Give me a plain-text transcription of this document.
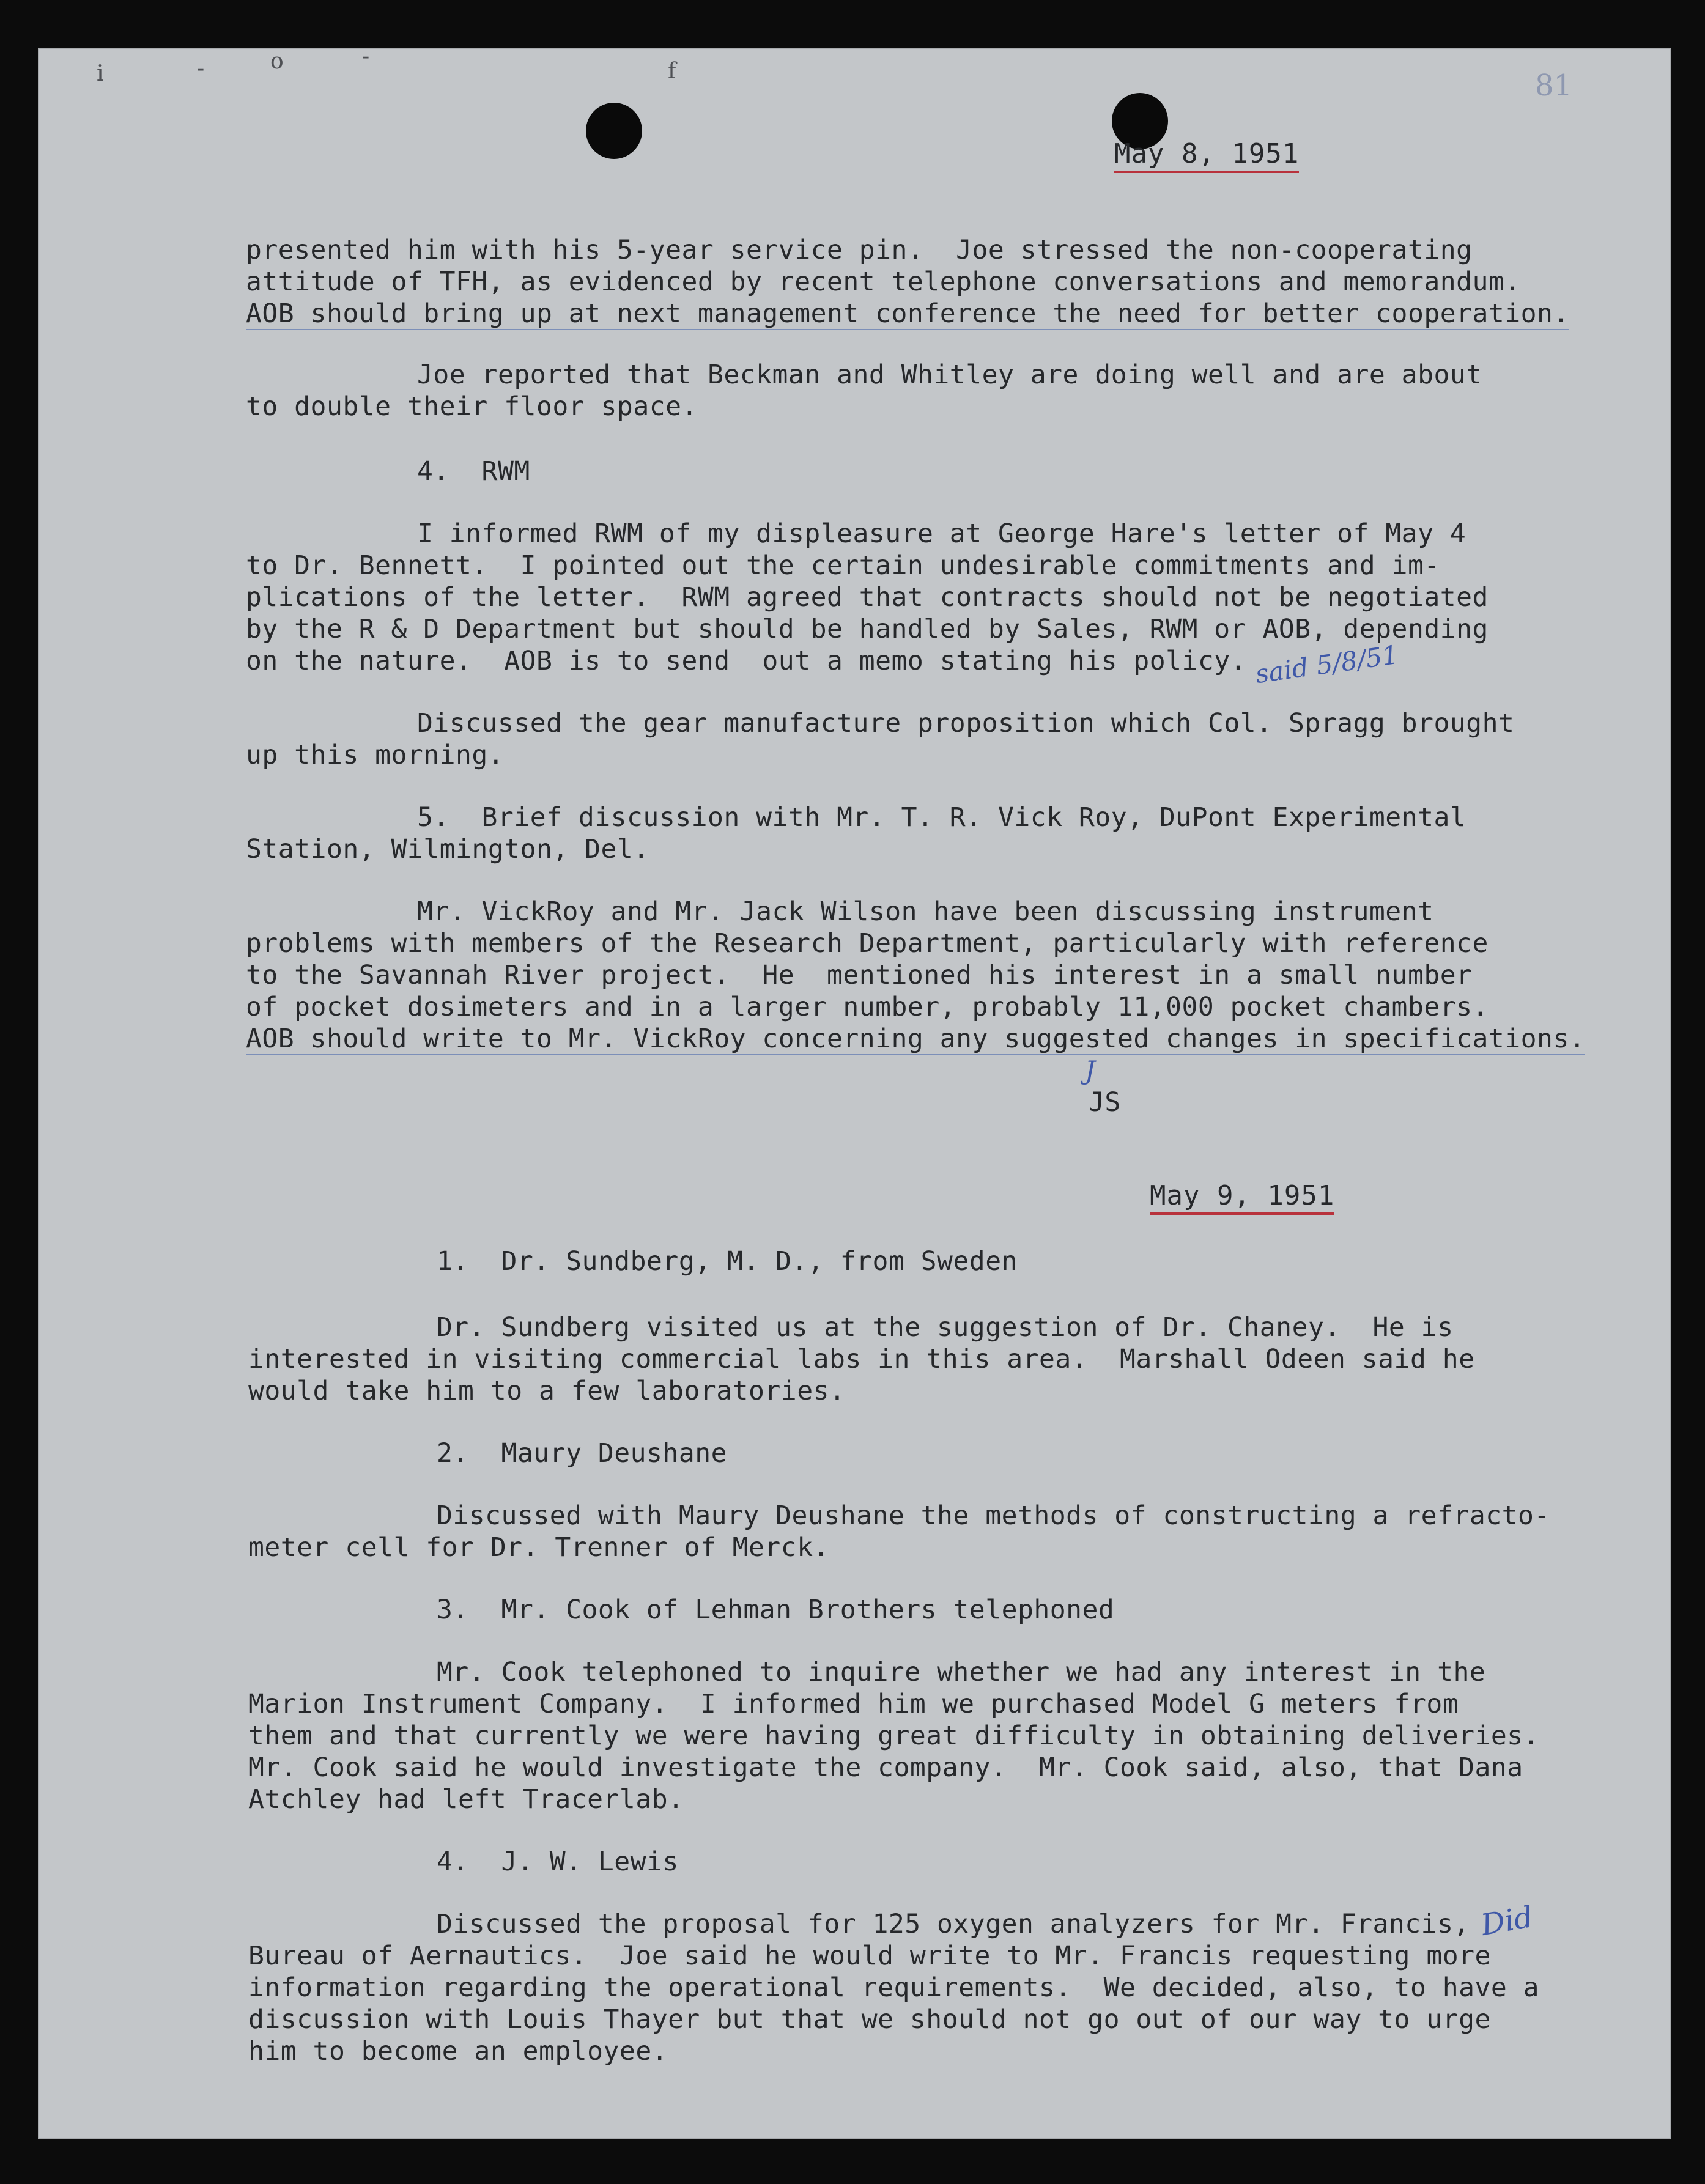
ⅰ	-	o	-
f	81
May 8, 1951
presented him with his 5-year service pin.  Joe stressed the non-cooperating
attitude of TFH, as evidenced by recent telephone conversations and memorandum.
AOB should bring up at next management conference the need for better cooperation.
Joe reported that Beckman and Whitley are doing well and are about
to double their floor space.
4.  RWM
I informed RWM of my displeasure at George Hare's letter of May 4
to Dr. Bennett.  I pointed out the certain undesirable commitments and im-
plications of the letter.  RWM agreed that contracts should not be negotiated
by the R & D Department but should be handled by Sales, RWM or AOB, depending
on the nature.  AOB is to send  out a memo stating his policy. said 5/8/51
Discussed the gear manufacture proposition which Col. Spragg brought
up this morning.
5.  Brief discussion with Mr. T. R. Vick Roy, DuPont Experimental
Station, Wilmington, Del.
Mr. VickRoy and Mr. Jack Wilson have been discussing instrument
problems with members of the Research Department, particularly with reference
to the Savannah River project.  He  mentioned his interest in a small number
of pocket dosimeters and in a larger number, probably 11,000 pocket chambers.
AOB should write to Mr. VickRoy concerning any suggested changes in specifications.
J
JS
May 9, 1951
1.  Dr. Sundberg, M. D., from Sweden
Dr. Sundberg visited us at the suggestion of Dr. Chaney.  He is
interested in visiting commercial labs in this area.  Marshall Odeen said he
would take him to a few laboratories.
2.  Maury Deushane
Discussed with Maury Deushane the methods of constructing a refracto-
meter cell for Dr. Trenner of Merck.
3.  Mr. Cook of Lehman Brothers telephoned
Mr. Cook telephoned to inquire whether we had any interest in the
Marion Instrument Company.  I informed him we purchased Model G meters from
them and that currently we were having great difficulty in obtaining deliveries.
Mr. Cook said he would investigate the company.  Mr. Cook said, also, that Dana
Atchley had left Tracerlab.
4.  J. W. Lewis
Discussed the proposal for 125 oxygen analyzers for Mr. Francis, Did
Bureau of Aernautics.  Joe said he would write to Mr. Francis requesting more
information regarding the operational requirements.  We decided, also, to have a
discussion with Louis Thayer but that we should not go out of our way to urge
him to become an employee.
